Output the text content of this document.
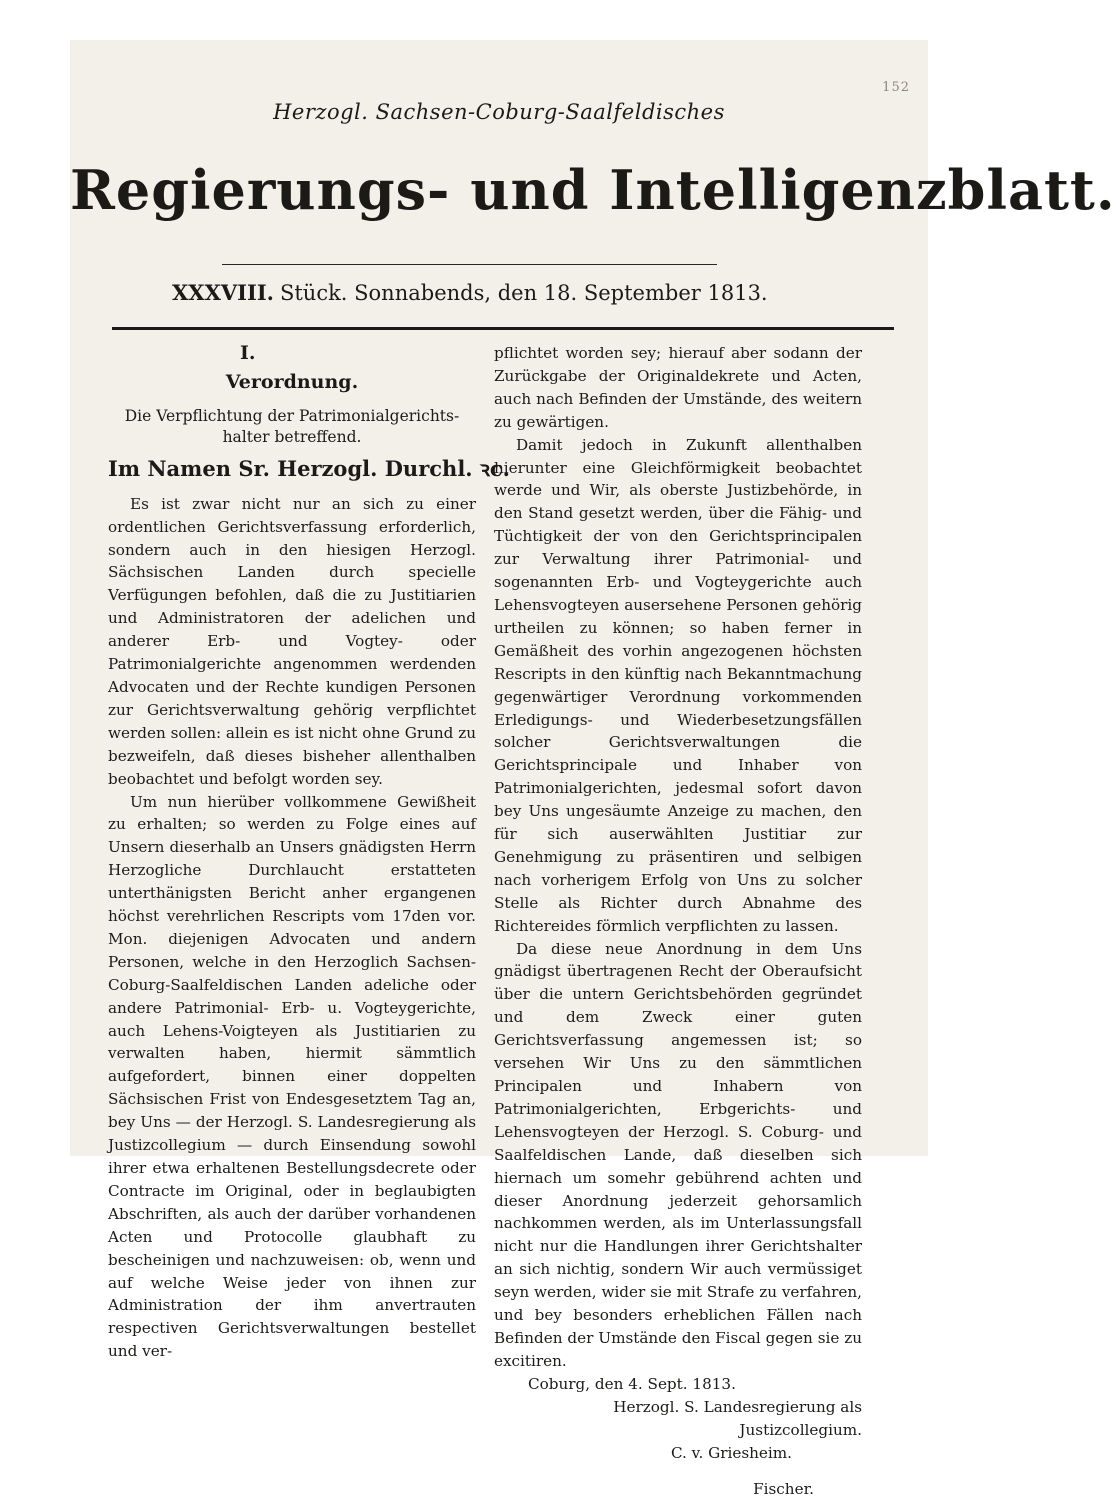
152
Herzogl. Sachsen-Coburg-Saalfeldisches
Regierungs- und Intelligenzblatt.
XXXVIII. Stück. Sonnabends, den 18. September 1813.

I.

Verordnung.

Die Verpflichtung der Patrimonialgerichts-
halter betreffend.

Im Namen Sr. Herzogl. Durchl. ꝛc.

Es ist zwar nicht nur an sich zu einer ordentlichen Gerichtsverfassung erforderlich, sondern auch in den hiesigen Herzogl. Sächsischen Landen durch specielle Verfügungen befohlen, daß die zu Justitiarien und Administratoren der adelichen und anderer Erb- und Vogtey- oder Patrimonialgerichte angenommen werdenden Advocaten und der Rechte kundigen Personen zur Gerichtsverwaltung gehörig verpflichtet werden sollen: allein es ist nicht ohne Grund zu bezweifeln, daß dieses bisheher allenthalben beobachtet und befolgt worden sey.

Um nun hierüber vollkommene Gewißheit zu erhalten; so werden zu Folge eines auf Unsern dieserhalb an Unsers gnädigsten Herrn Herzogliche Durchlaucht erstatteten unterthänigsten Bericht anher ergangenen höchst verehrlichen Rescripts vom 17den vor. Mon. diejenigen Advocaten und andern Personen, welche in den Herzoglich Sachsen-Coburg-Saalfeldischen Landen adeliche oder andere Patrimonial- Erb- u. Vogteygerichte, auch Lehens-Voigteyen als Justitiarien zu verwalten haben, hiermit sämmtlich aufgefordert, binnen einer doppelten Sächsischen Frist von Endesgesetztem Tag an, bey Uns — der Herzogl. S. Landesregierung als Justizcollegium — durch Einsendung sowohl ihrer etwa erhaltenen Bestellungsdecrete oder Contracte im Original, oder in beglaubigten Abschriften, als auch der darüber vorhandenen Acten und Protocolle glaubhaft zu bescheinigen und nachzuweisen: ob, wenn und auf welche Weise jeder von ihnen zur Administration der ihm anvertrauten respectiven Gerichtsverwaltungen bestellet und ver-

pflichtet worden sey; hierauf aber sodann der Zurückgabe der Originaldekrete und Acten, auch nach Befinden der Umstände, des weitern zu gewärtigen.

Damit jedoch in Zukunft allenthalben hierunter eine Gleichförmigkeit beobachtet werde und Wir, als oberste Justizbehörde, in den Stand gesetzt werden, über die Fähig- und Tüchtigkeit der von den Gerichtsprincipalen zur Verwaltung ihrer Patrimonial- und sogenannten Erb- und Vogteygerichte auch Lehensvogteyen ausersehene Personen gehörig urtheilen zu können; so haben ferner in Gemäßheit des vorhin angezogenen höchsten Rescripts in den künftig nach Bekanntmachung gegenwärtiger Verordnung vorkommenden Erledigungs- und Wiederbesetzungsfällen solcher Gerichtsverwaltungen die Gerichtsprincipale und Inhaber von Patrimonialgerichten, jedesmal sofort davon bey Uns ungesäumte Anzeige zu machen, den für sich auserwählten Justitiar zur Genehmigung zu präsentiren und selbigen nach vorherigem Erfolg von Uns zu solcher Stelle als Richter durch Abnahme des Richtereides förmlich verpflichten zu lassen.

Da diese neue Anordnung in dem Uns gnädigst übertragenen Recht der Oberaufsicht über die untern Gerichtsbehörden gegründet und dem Zweck einer guten Gerichtsverfassung angemessen ist; so versehen Wir Uns zu den sämmtlichen Principalen und Inhabern von Patrimonialgerichten, Erbgerichts- und Lehensvogteyen der Herzogl. S. Coburg- und Saalfeldischen Lande, daß dieselben sich hiernach um somehr gebührend achten und dieser Anordnung jederzeit gehorsamlich nachkommen werden, als im Unterlassungsfall nicht nur die Handlungen ihrer Gerichtshalter an sich nichtig, sondern Wir auch vermüssiget seyn werden, wider sie mit Strafe zu verfahren, und bey besonders erheblichen Fällen nach Befinden der Umstände den Fiscal gegen sie zu excitiren.

Coburg, den 4. Sept. 1813.

Herzogl. S. Landesregierung als Justizcollegium.

C. v. Griesheim.

Fischer.
